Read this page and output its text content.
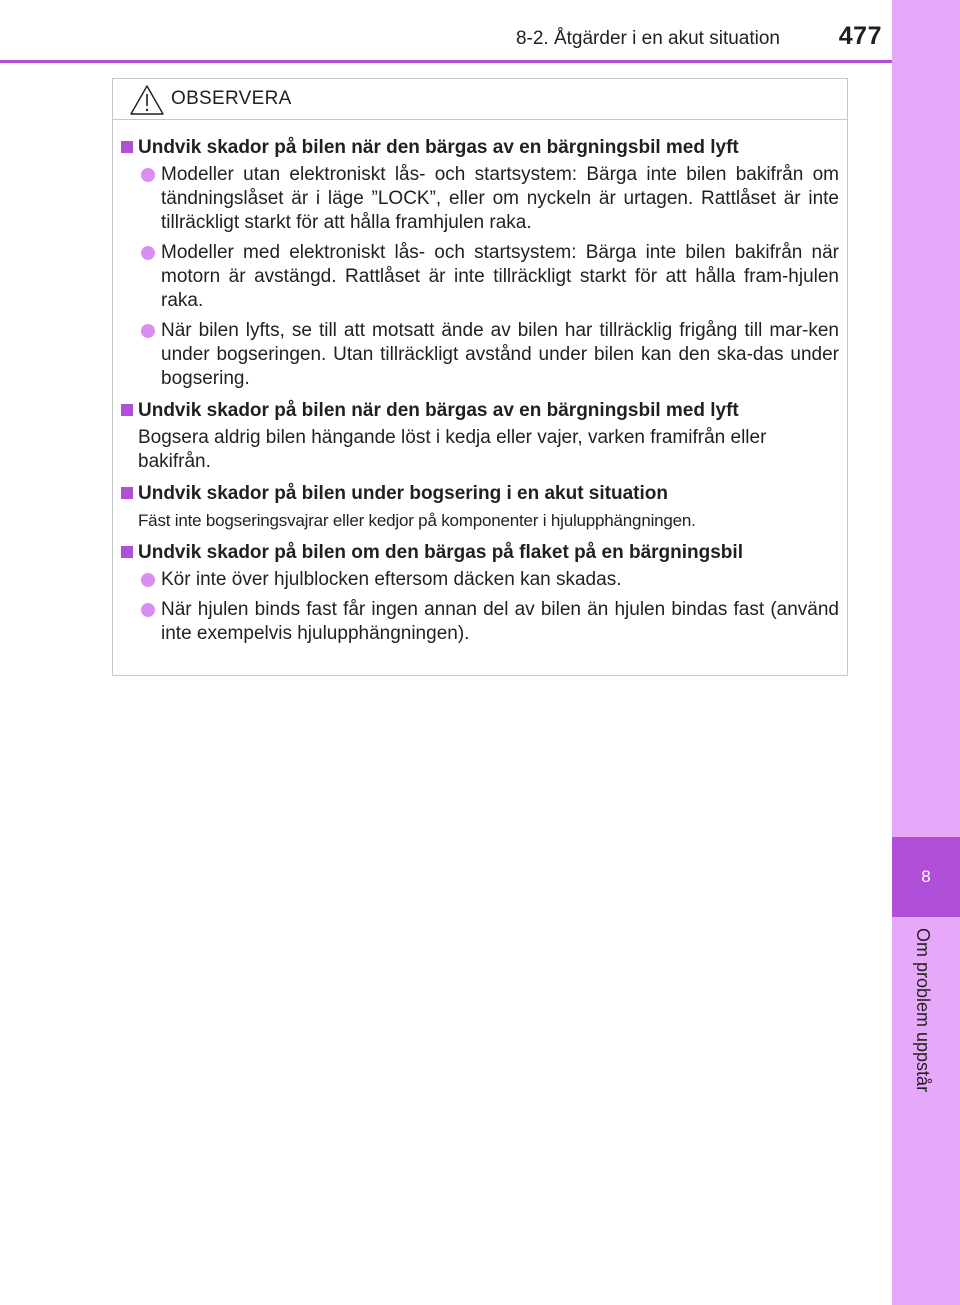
8-2. Åtgärder i en akut situation	477
8
Om problem uppstår
OBSERVERA
Undvik skador på bilen när den bärgas av en bärgningsbil med lyft
Modeller utan elektroniskt lås- och startsystem: Bärga inte bilen bakifrån om tändningslåset är i läge ”LOCK”, eller om nyckeln är urtagen. Rattlåset är inte tillräckligt starkt för att hålla framhjulen raka.
Modeller med elektroniskt lås- och startsystem: Bärga inte bilen bakifrån när motorn är avstängd. Rattlåset är inte tillräckligt starkt för att hålla fram-hjulen raka.
När bilen lyfts, se till att motsatt ände av bilen har tillräcklig frigång till mar-ken under bogseringen. Utan tillräckligt avstånd under bilen kan den ska-das under bogsering.
Undvik skador på bilen när den bärgas av en bärgningsbil med lyft

Bogsera aldrig bilen hängande löst i kedja eller vajer, varken framifrån eller bakifrån.

Undvik skador på bilen under bogsering i en akut situation

Fäst inte bogseringsvajrar eller kedjor på komponenter i hjulupphängningen.

Undvik skador på bilen om den bärgas på flaket på en bärgningsbil
Kör inte över hjulblocken eftersom däcken kan skadas.
När hjulen binds fast får ingen annan del av bilen än hjulen bindas fast (använd inte exempelvis hjulupphängningen).
